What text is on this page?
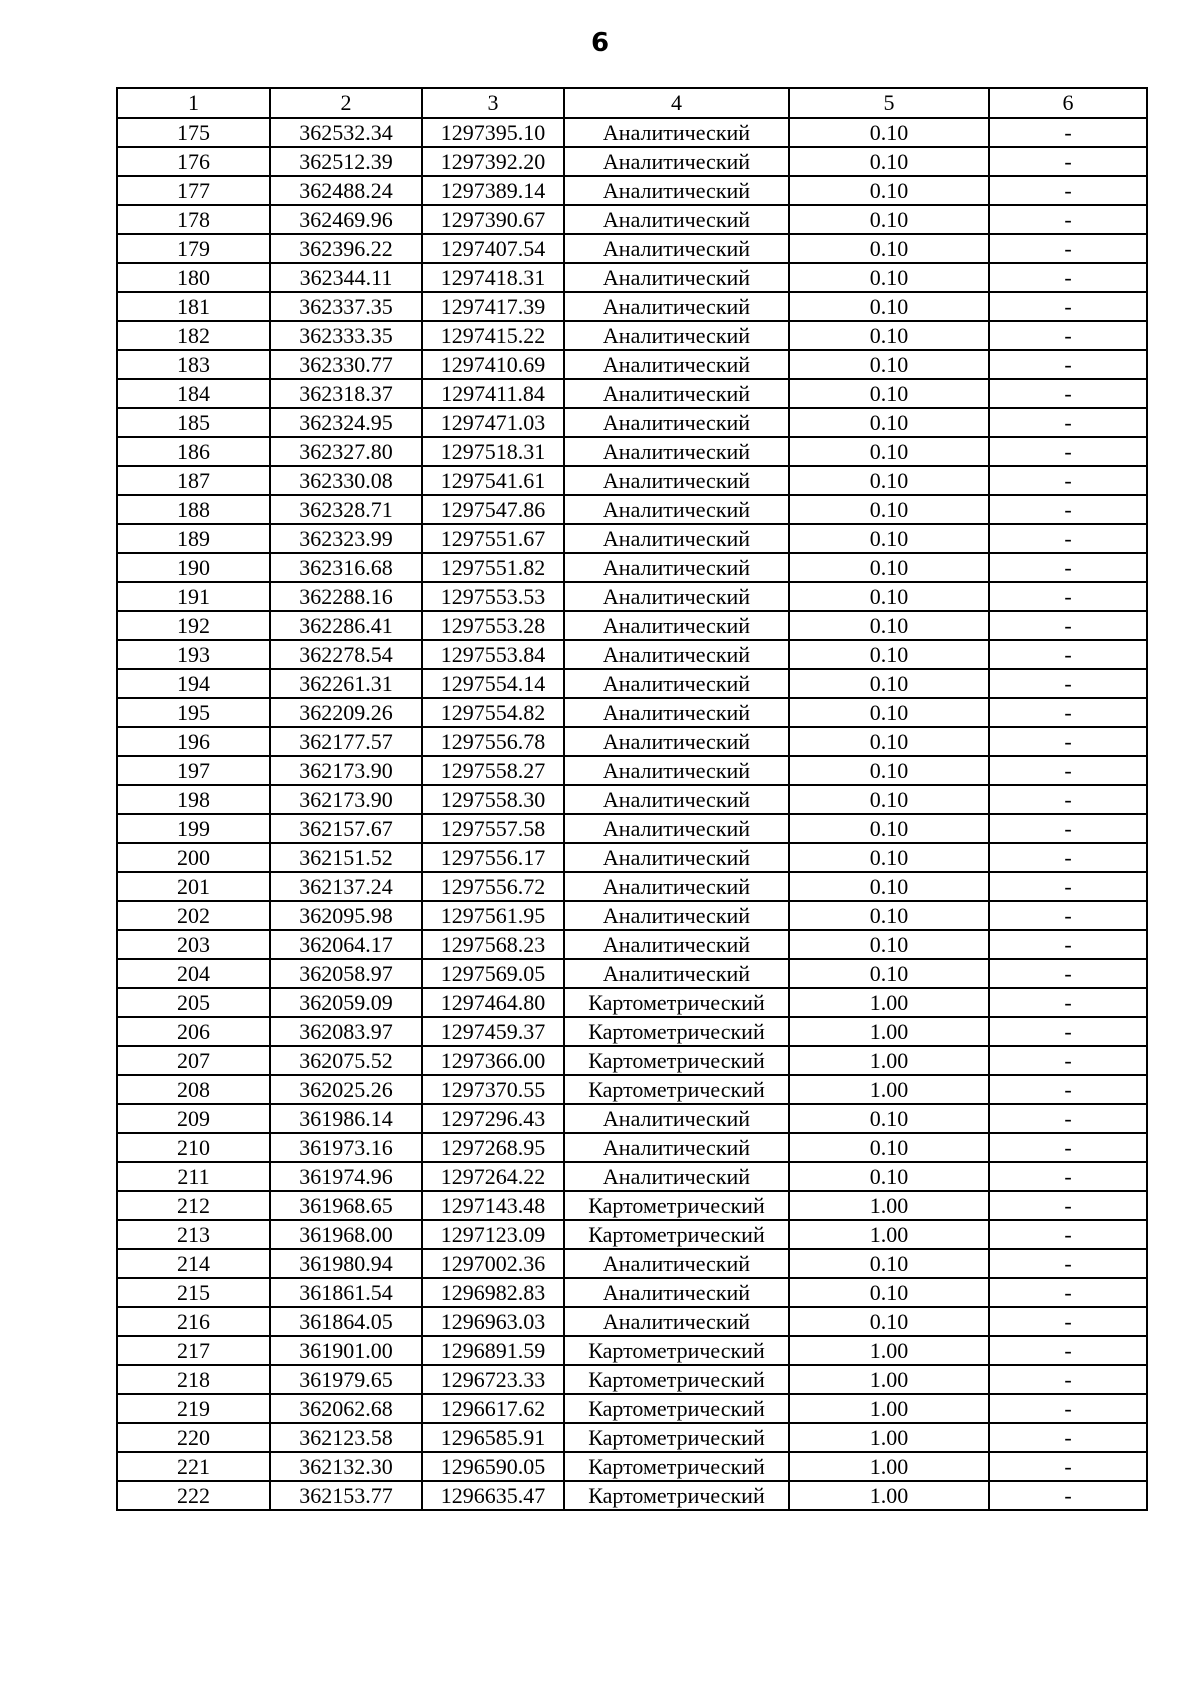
6
1	2	3	4	5	6
175	362532.34	1297395.10	Аналитический	0.10	-
176	362512.39	1297392.20	Аналитический	0.10	-
177	362488.24	1297389.14	Аналитический	0.10	-
178	362469.96	1297390.67	Аналитический	0.10	-
179	362396.22	1297407.54	Аналитический	0.10	-
180	362344.11	1297418.31	Аналитический	0.10	-
181	362337.35	1297417.39	Аналитический	0.10	-
182	362333.35	1297415.22	Аналитический	0.10	-
183	362330.77	1297410.69	Аналитический	0.10	-
184	362318.37	1297411.84	Аналитический	0.10	-
185	362324.95	1297471.03	Аналитический	0.10	-
186	362327.80	1297518.31	Аналитический	0.10	-
187	362330.08	1297541.61	Аналитический	0.10	-
188	362328.71	1297547.86	Аналитический	0.10	-
189	362323.99	1297551.67	Аналитический	0.10	-
190	362316.68	1297551.82	Аналитический	0.10	-
191	362288.16	1297553.53	Аналитический	0.10	-
192	362286.41	1297553.28	Аналитический	0.10	-
193	362278.54	1297553.84	Аналитический	0.10	-
194	362261.31	1297554.14	Аналитический	0.10	-
195	362209.26	1297554.82	Аналитический	0.10	-
196	362177.57	1297556.78	Аналитический	0.10	-
197	362173.90	1297558.27	Аналитический	0.10	-
198	362173.90	1297558.30	Аналитический	0.10	-
199	362157.67	1297557.58	Аналитический	0.10	-
200	362151.52	1297556.17	Аналитический	0.10	-
201	362137.24	1297556.72	Аналитический	0.10	-
202	362095.98	1297561.95	Аналитический	0.10	-
203	362064.17	1297568.23	Аналитический	0.10	-
204	362058.97	1297569.05	Аналитический	0.10	-
205	362059.09	1297464.80	Картометрический	1.00	-
206	362083.97	1297459.37	Картометрический	1.00	-
207	362075.52	1297366.00	Картометрический	1.00	-
208	362025.26	1297370.55	Картометрический	1.00	-
209	361986.14	1297296.43	Аналитический	0.10	-
210	361973.16	1297268.95	Аналитический	0.10	-
211	361974.96	1297264.22	Аналитический	0.10	-
212	361968.65	1297143.48	Картометрический	1.00	-
213	361968.00	1297123.09	Картометрический	1.00	-
214	361980.94	1297002.36	Аналитический	0.10	-
215	361861.54	1296982.83	Аналитический	0.10	-
216	361864.05	1296963.03	Аналитический	0.10	-
217	361901.00	1296891.59	Картометрический	1.00	-
218	361979.65	1296723.33	Картометрический	1.00	-
219	362062.68	1296617.62	Картометрический	1.00	-
220	362123.58	1296585.91	Картометрический	1.00	-
221	362132.30	1296590.05	Картометрический	1.00	-
222	362153.77	1296635.47	Картометрический	1.00	-
